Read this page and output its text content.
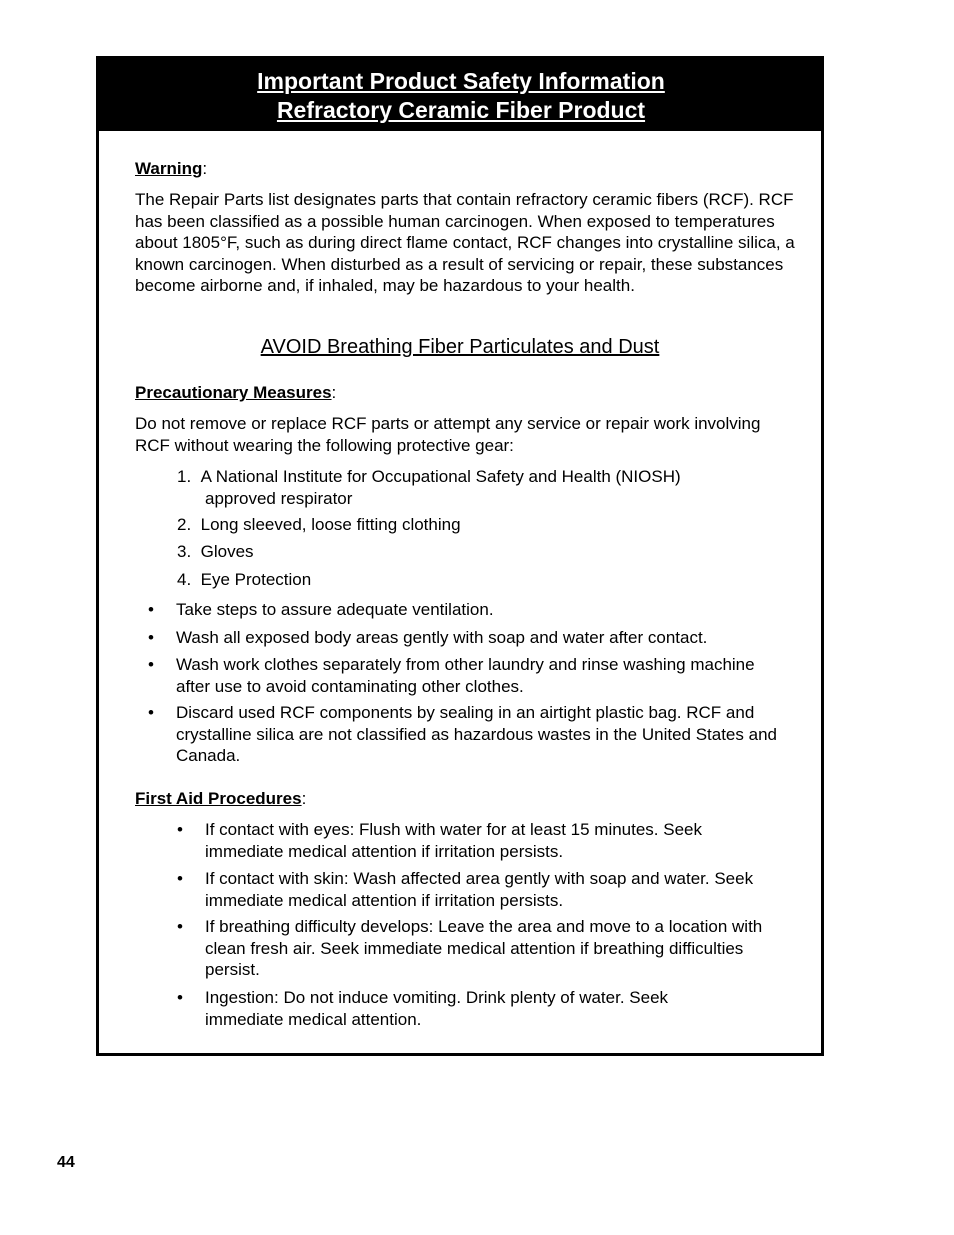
Important Product Safety Information
Refractory Ceramic Fiber Product
Warning:
The Repair Parts list designates parts that contain refractory ceramic fibers (RCF). RCF has been classified as a possible human carcinogen. When exposed to temperatures about 1805°F, such as during direct flame contact, RCF changes into crystalline silica, a known carcinogen. When disturbed as a result of servicing or repair, these substances become airborne and, if inhaled, may be hazardous to your health.
AVOID Breathing Fiber Particulates and Dust
Precautionary Measures:
Do not remove or replace RCF parts or attempt any service or repair work involving RCF without wearing the following protective gear:
1. A National Institute for Occupational Safety and Health (NIOSH)
approved respirator
2. Long sleeved, loose fitting clothing
3. Gloves
4. Eye Protection
• Take steps to assure adequate ventilation.
• Wash all exposed body areas gently with soap and water after contact.
• Wash work clothes separately from other laundry and rinse washing machine after use to avoid contaminating other clothes.
• Discard used RCF components by sealing in an airtight plastic bag. RCF and crystalline silica are not classified as hazardous wastes in the United States and Canada.
First Aid Procedures:
• If contact with eyes: Flush with water for at least 15 minutes. Seek immediate medical attention if irritation persists.
• If contact with skin: Wash affected area gently with soap and water. Seek immediate medical attention if irritation persists.
• If breathing difficulty develops: Leave the area and move to a location with clean fresh air. Seek immediate medical attention if breathing difficulties persist.
• Ingestion: Do not induce vomiting. Drink plenty of water. Seek immediate medical attention.
44
